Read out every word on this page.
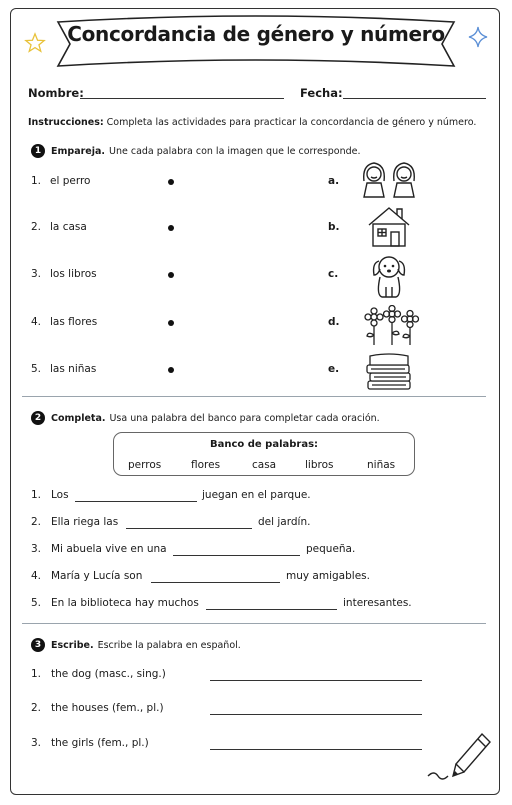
Concordancia de género y número
Nombre:	Fecha:
Instrucciones: Completa las actividades para practicar la concordancia de género y número.
1	Empareja. Une cada palabra con la imagen que le corresponde.
1. el perro	a.
2. la casa	b.
3. los libros	c.
4. las flores	d.
5. las niñas	e.
2	Completa. Usa una palabra del banco para completar cada oración.
Banco de palabras:
perros	flores	casa	libros	niñas
1. Los	juegan en el parque.
2. Ella riega las	del jardín.
3. Mi abuela vive en una	pequeña.
4. María y Lucía son	muy amigables.
5. En la biblioteca hay muchos	interesantes.
3	Escribe. Escribe la palabra en español.
1. the dog (masc., sing.)
2. the houses (fem., pl.)
3. the girls (fem., pl.)
